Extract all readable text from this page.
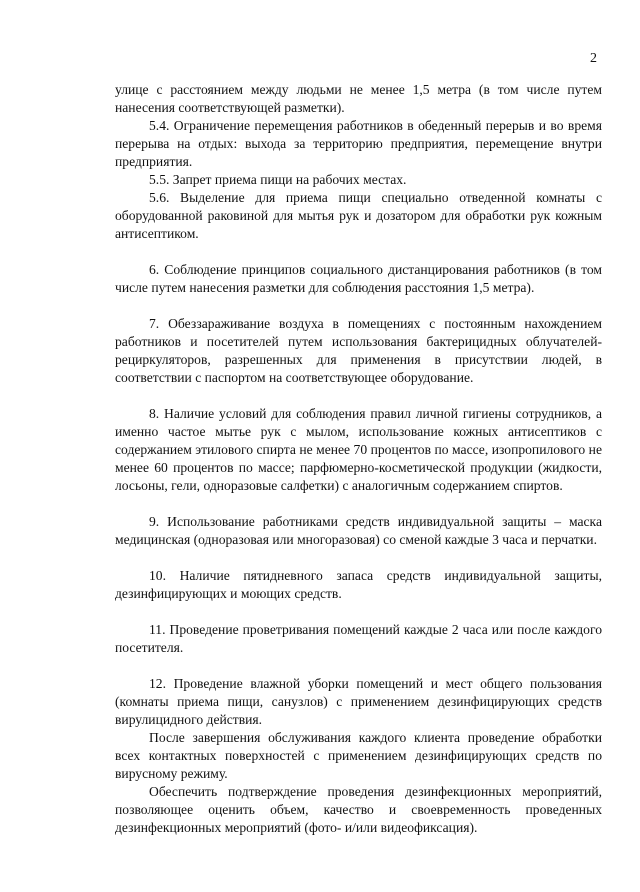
2

улице с расстоянием между людьми не менее 1,5 метра (в том числе путем нанесения соответствующей разметки).

5.4. Ограничение перемещения работников в обеденный перерыв и во время перерыва на отдых: выхода за территорию предприятия, перемещение внутри предприятия.

5.5. Запрет приема пищи на рабочих местах.

5.6. Выделение для приема пищи специально отведенной комнаты с оборудованной раковиной для мытья рук и дозатором для обработки рук кожным антисептиком.

6. Соблюдение принципов социального дистанцирования работников (в том числе путем нанесения разметки для соблюдения расстояния 1,5 метра).

7. Обеззараживание воздуха в помещениях с постоянным нахождением работников и посетителей путем использования бактерицидных облучателей-рециркуляторов, разрешенных для применения в присутствии людей, в соответствии с паспортом на соответствующее оборудование.

8. Наличие условий для соблюдения правил личной гигиены сотрудников, а именно частое мытье рук с мылом, использование кожных антисептиков с содержанием этилового спирта не менее 70 процентов по массе, изопропилового не менее 60 процентов по массе; парфюмерно-косметической продукции (жидкости, лосьоны, гели, одноразовые салфетки) с аналогичным содержанием спиртов.

9. Использование работниками средств индивидуальной защиты – маска медицинская (одноразовая или многоразовая) со сменой каждые 3 часа и перчатки.

10. Наличие пятидневного запаса средств индивидуальной защиты, дезинфицирующих и моющих средств.

11. Проведение проветривания помещений каждые 2 часа или после каждого посетителя.

12. Проведение влажной уборки помещений и мест общего пользования (комнаты приема пищи, санузлов) с применением дезинфицирующих средств вирулицидного действия.

После завершения обслуживания каждого клиента проведение обработки всех контактных поверхностей с применением дезинфицирующих средств по вирусному режиму.

Обеспечить подтверждение проведения дезинфекционных мероприятий, позволяющее оценить объем, качество и своевременность проведенных дезинфекционных мероприятий (фото- и/или видеофиксация).
